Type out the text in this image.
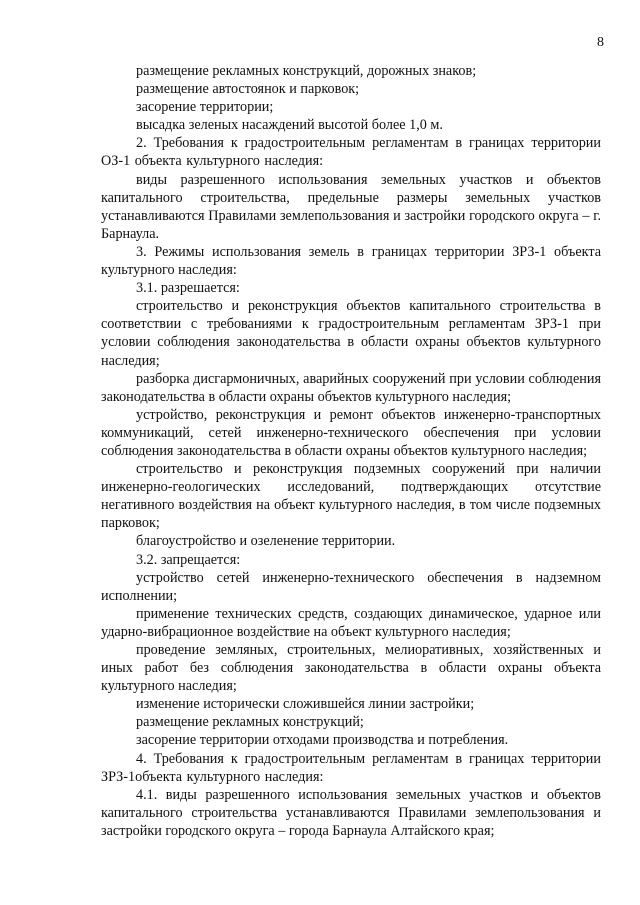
8

размещение рекламных конструкций, дорожных знаков;

размещение автостоянок и парковок;

засорение территории;

высадка зеленых насаждений высотой более 1,0 м.

2. Требования к градостроительным регламентам в границах территории ОЗ-1 объекта культурного наследия:

виды разрешенного использования земельных участков и объектов капитального строительства, предельные размеры земельных участков устанавливаются Правилами землепользования и застройки городского округа – г. Барнаула.

3. Режимы использования земель в границах территории ЗРЗ-1 объекта культурного наследия:

3.1. разрешается:

строительство и реконструкция объектов капитального строительства в соответствии с требованиями к градостроительным регламентам ЗРЗ-1 при условии соблюдения законодательства в области охраны объектов культурного наследия;

разборка дисгармоничных, аварийных сооружений при условии соблюдения законодательства в области охраны объектов культурного наследия;

устройство, реконструкция и ремонт объектов инженерно-транспортных коммуникаций, сетей инженерно-технического обеспечения при условии соблюдения законодательства в области охраны объектов культурного наследия;

строительство и реконструкция подземных сооружений при наличии инженерно-геологических исследований, подтверждающих отсутствие негативного воздействия на объект культурного наследия, в том числе подземных парковок;

благоустройство и озеленение территории.

3.2. запрещается:

устройство сетей инженерно-технического обеспечения в надземном исполнении;

применение технических средств, создающих динамическое, ударное или ударно-вибрационное воздействие на объект культурного наследия;

проведение земляных, строительных, мелиоративных, хозяйственных и иных работ без соблюдения законодательства в области охраны объекта культурного наследия;

изменение исторически сложившейся линии застройки;

размещение рекламных конструкций;

засорение территории отходами производства и потребления.

4. Требования к градостроительным регламентам в границах территории ЗРЗ-1объекта культурного наследия:

4.1. виды разрешенного использования земельных участков и объектов капитального строительства устанавливаются Правилами землепользования и застройки городского округа – города Барнаула Алтайского края;
